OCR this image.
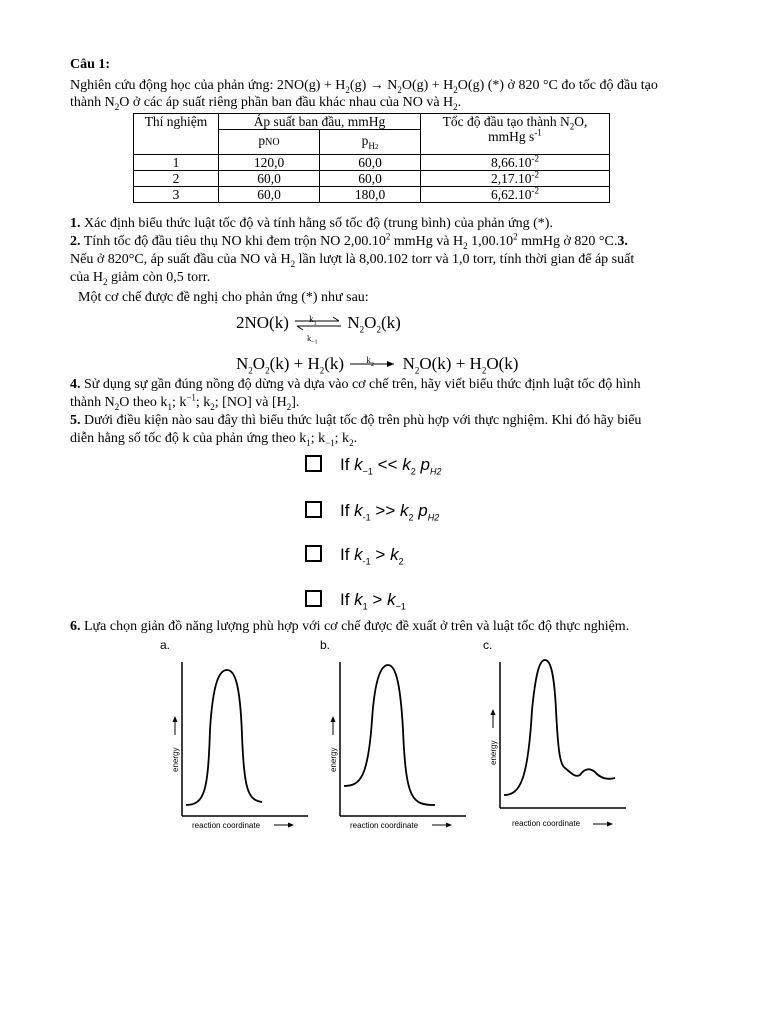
Câu 1:
Nghiên cứu động học của phản ứng: $2NO(g) + H_2(g) \to N_2O(g) + H_2O(g)$ (*) ở 820 °C đo tốc độ đầu tạo
thành $N_2O$ ở các áp suất riêng phần ban đầu khác nhau của NO và $H_2$.
Thí nghiệm	Áp suất ban đầu, mmHg		Tốc độ đầu tạo thành $N_2O$,
mmHg $s^{-1}$
	pNO	$p_{H2}$
1	120,0	60,0	$8,66.10^{-2}$
2	60,0	60,0	$2,17.10^{-2}$
3	60,0	180,0	$6,62.10^{-2}$
1. Xác định biểu thức luật tốc độ và tính hằng số tốc độ (trung bình) của phản ứng (*).
2. Tính tốc độ đầu tiêu thụ NO khi đem trộn NO 2,00.10$^2$ mmHg và $H_2$ 1,00.10$^2$ mmHg ở 820 °C.3.
Nếu ở 820°C, áp suất đầu của NO và $H_2$ lần lượt là 8,00.102 torr và 1,0 torr, tính thời gian để áp suất
của $H_2$ giảm còn 0,5 torr.
Một cơ chế được đề nghị cho phản ứng (*) như sau:
2NO(k) $k_1$
$k_{-1}$
$N_2O_2(k)$
$N_2O_2(k) + H_2(k)$ $k_2$ $N_2O(k) + H_2O(k)$
4. Sử dụng sự gần đúng nồng độ dừng và dựa vào cơ chế trên, hãy viết biểu thức định luật tốc độ hình
thành $N_2O$ theo $k_1$; $k^{-1}$; $k_2$; [NO] và $[H_2]$.
5. Dưới điều kiện nào sau đây thì biểu thức luật tốc độ trên phù hợp với thực nghiệm. Khi đó hãy biểu
diễn hằng số tốc độ k của phản ứng theo $k_1$; $k_{-1}$; $k_2$.
If $k_{-1} << k_2$ $p_{H2}$
If $k_{-1} >> k_2$ $p_{H2}$
If $k_{-1} > k_2$
If $k_1 > k_{-1}$
6. Lựa chọn giản đồ năng lượng phù hợp với cơ chế được đề xuất ở trên và luật tốc độ thực nghiệm.
a.	b.	c.
energy
reaction coordinate
energy
reaction coordinate
energy
reaction coordinate
